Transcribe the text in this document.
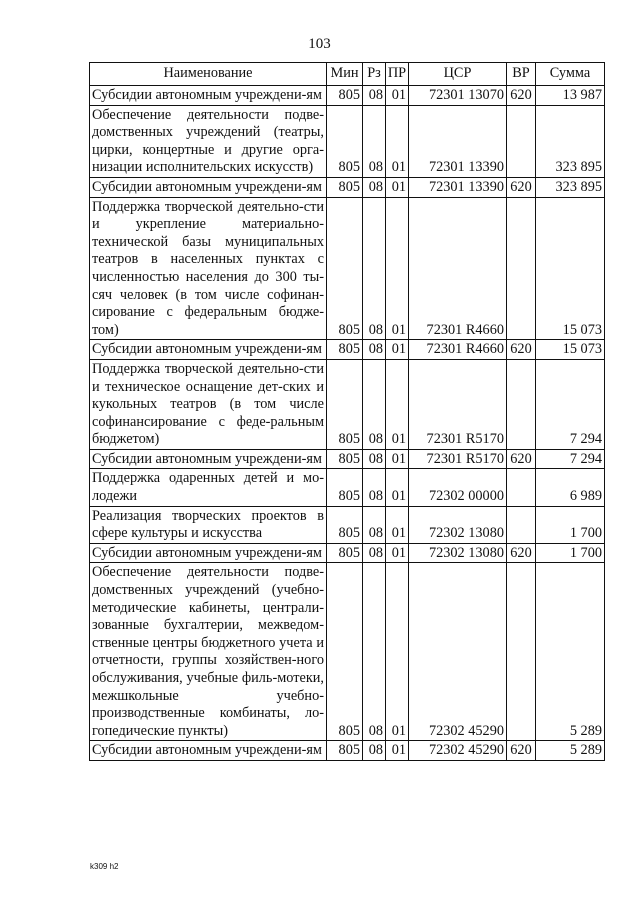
103
Наименование	Мин	Рз	ПР	ЦСР	ВР	Сумма
Субсидии автономным учреждени-ям	805	08	01	72301 13070	620	13 987
Обеспечение деятельности подве-домственных учреждений (театры, цирки, концертные и другие орга-низации исполнительских искусств)	805	08	01	72301 13390		323 895
Субсидии автономным учреждени-ям	805	08	01	72301 13390	620	323 895
Поддержка творческой деятельно-сти и укрепление материально-технической базы муниципальных театров в населенных пунктах с численностью населения до 300 ты-сяч человек (в том числе софинан-сирование с федеральным бюдже-том)	805	08	01	72301 R4660		15 073
Субсидии автономным учреждени-ям	805	08	01	72301 R4660	620	15 073
Поддержка творческой деятельно-сти и техническое оснащение дет-ских и кукольных театров (в том числе софинансирование с феде-ральным бюджетом)	805	08	01	72301 R5170		7 294
Субсидии автономным учреждени-ям	805	08	01	72301 R5170	620	7 294
Поддержка одаренных детей и мо-лодежи	805	08	01	72302 00000		6 989
Реализация творческих проектов в сфере культуры и искусства	805	08	01	72302 13080		1 700
Субсидии автономным учреждени-ям	805	08	01	72302 13080	620	1 700
Обеспечение деятельности подве-домственных учреждений (учебно-методические кабинеты, централи-зованные бухгалтерии, межведом-ственные центры бюджетного учета и отчетности, группы хозяйствен-ного обслуживания, учебные филь-мотеки, межшкольные учебно-производственные комбинаты, ло-гопедические пункты)	805	08	01	72302 45290		5 289
Субсидии автономным учреждени-ям	805	08	01	72302 45290	620	5 289
k309 h2
